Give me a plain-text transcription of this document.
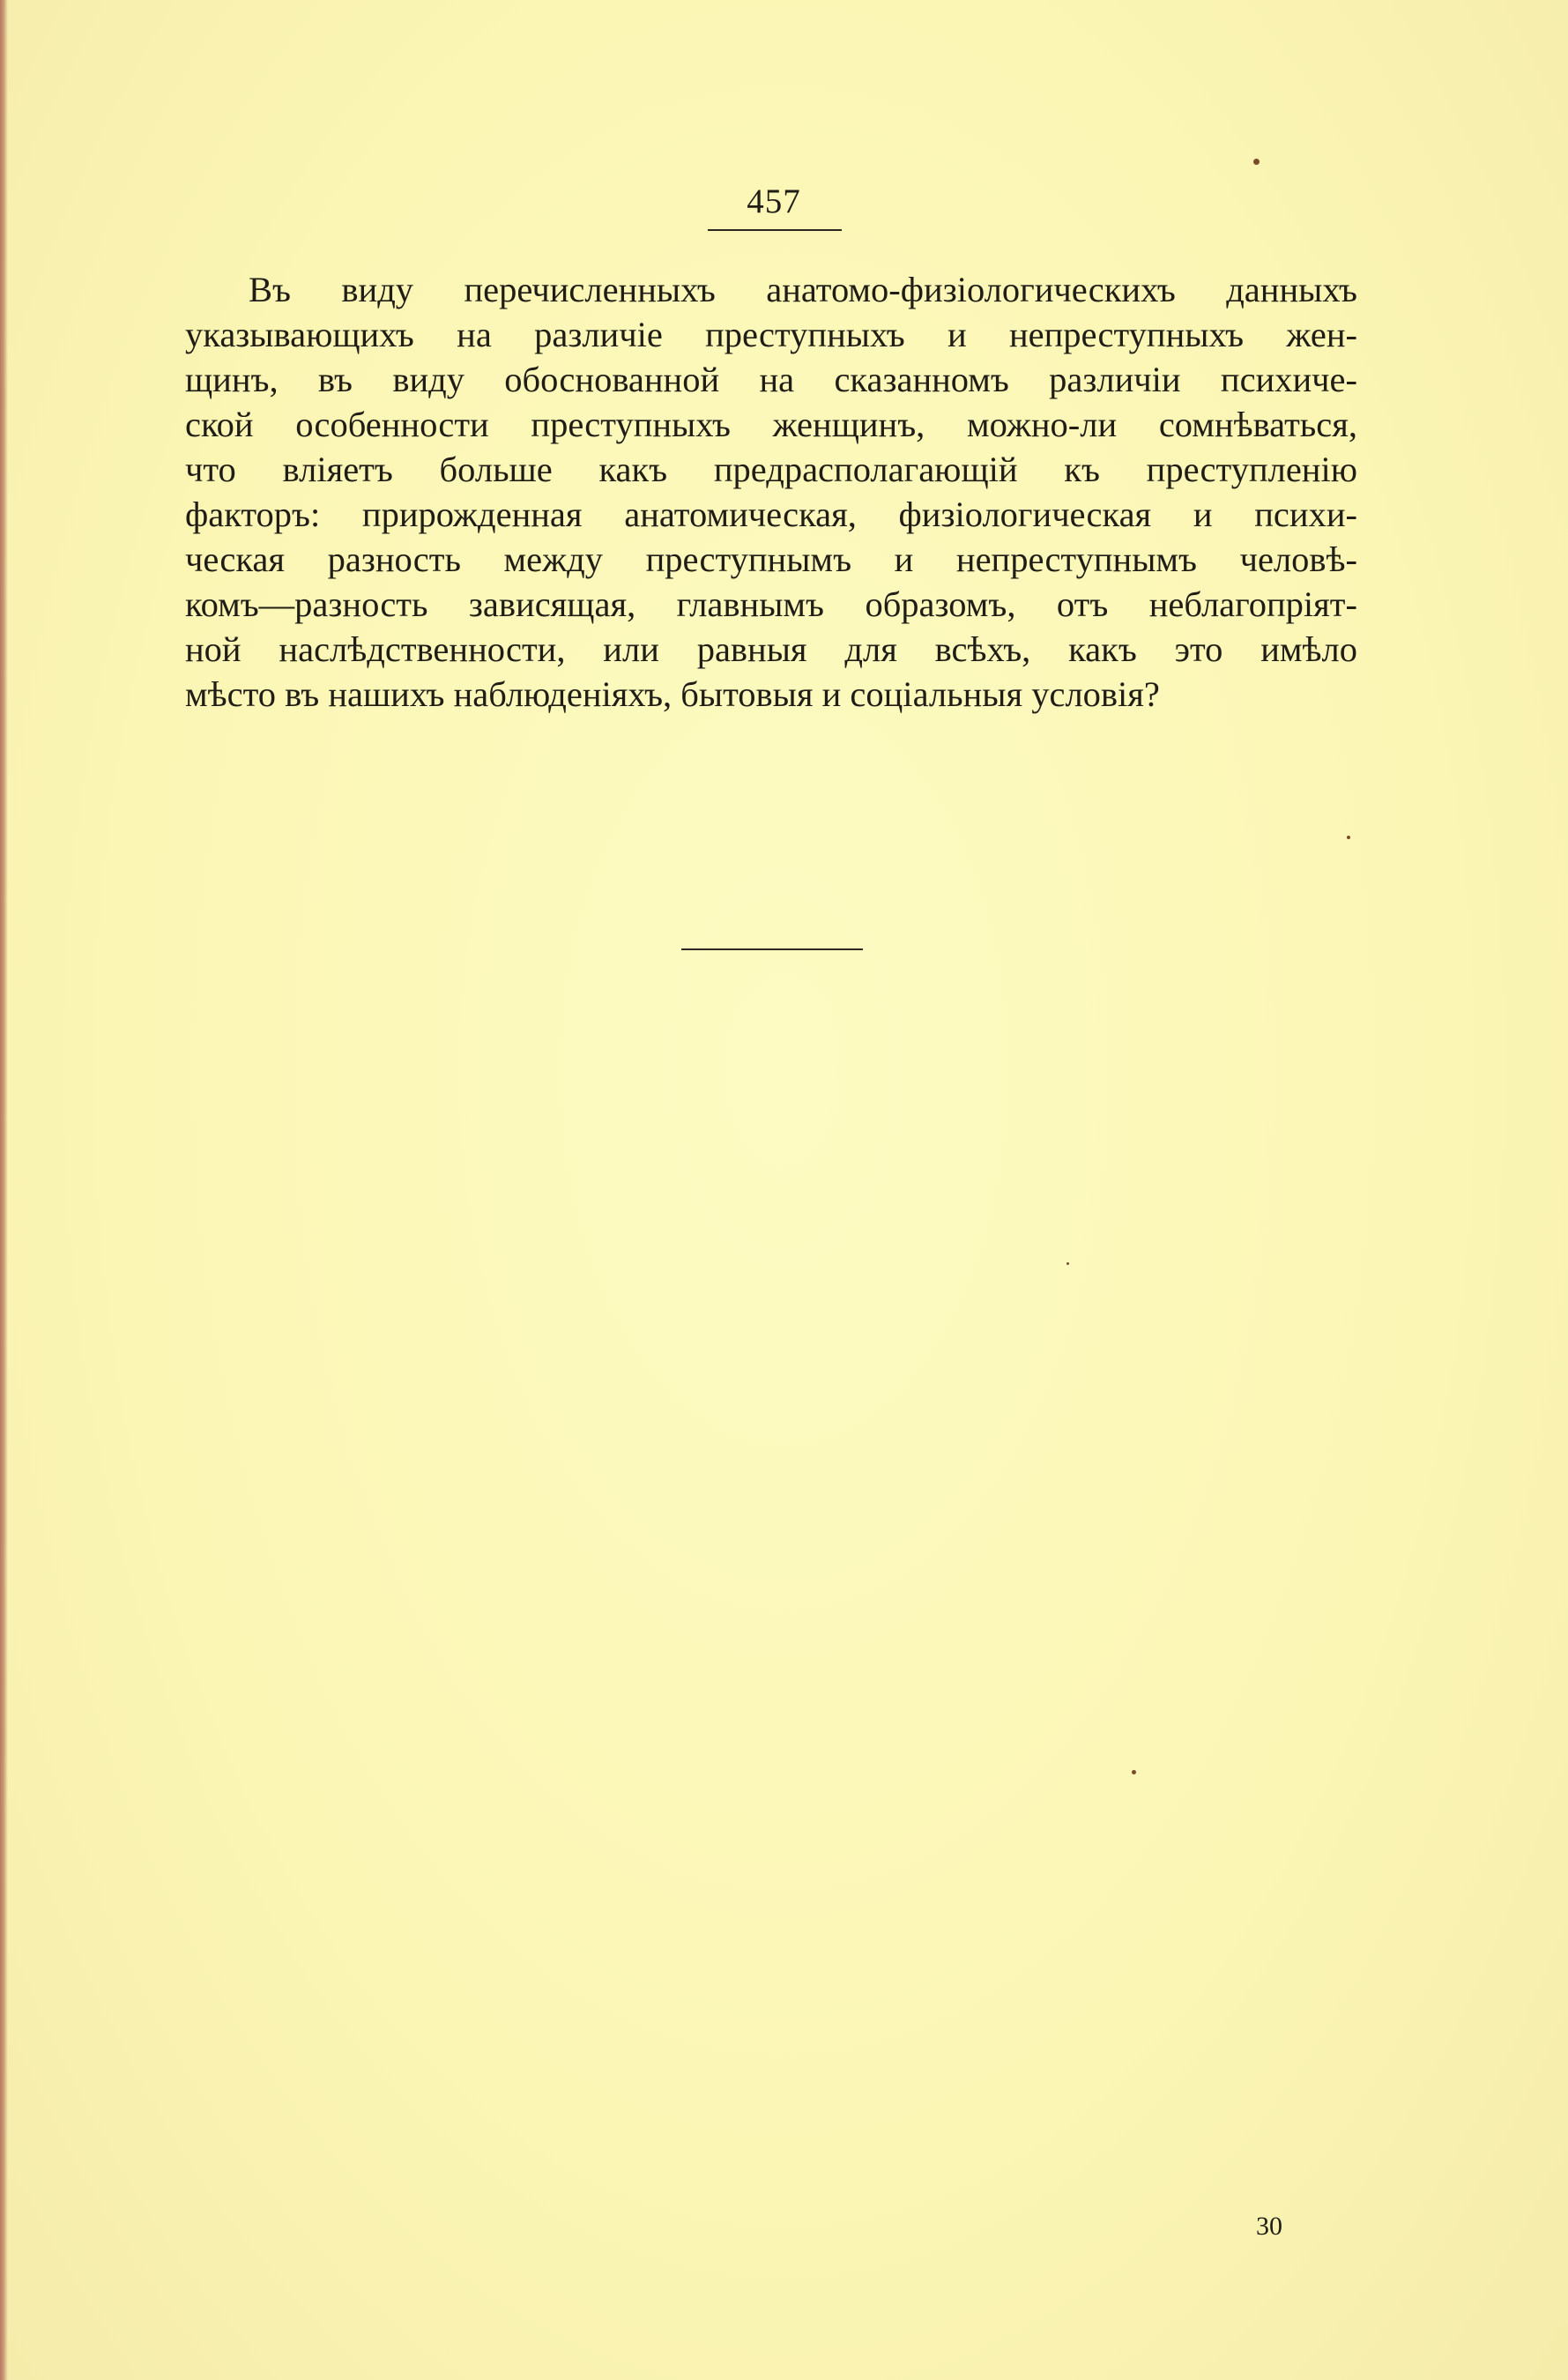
457
Въ виду перечисленныхъ анатомо-физiологическихъ данныхъ
указывающихъ на различiе преступныхъ и непреступныхъ жен-
щинъ, въ виду обоснованной на сказанномъ различiи психиче-
ской особенности преступныхъ женщинъ, можно-ли сомнѣваться,
что влiяетъ больше какъ предрасполагающiй къ преступленiю
факторъ: прирожденная анатомическая, физiологическая и психи-
ческая разность между преступнымъ и непреступнымъ человѣ-
комъ—разность зависящая, главнымъ образомъ, отъ неблагопрiят-
ной наслѣдственности, или равныя для всѣхъ, какъ это имѣло
мѣсто въ нашихъ наблюденiяхъ, бытовыя и соцiальныя условiя?
30
